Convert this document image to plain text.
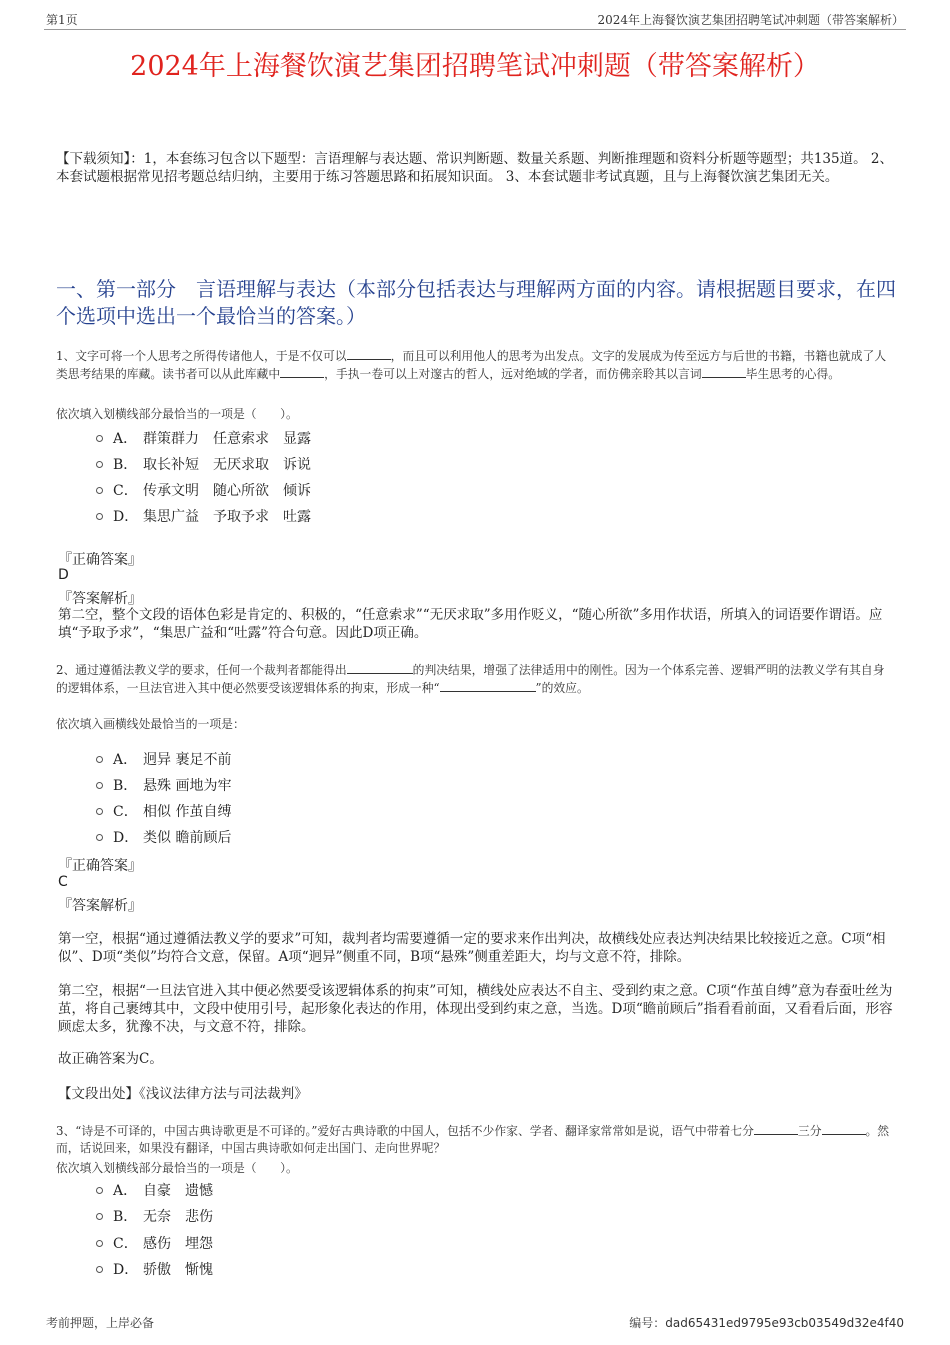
第1页	2024年上海餐饮演艺集团招聘笔试冲刺题（带答案解析）
2024年上海餐饮演艺集团招聘笔试冲刺题（带答案解析）
【下载须知】：1，本套练习包含以下题型：言语理解与表达题、常识判断题、数量关系题、判断推理题和资料分析题等题型；共135道。 2、本套试题根据常见招考题总结归纳，主要用于练习答题思路和拓展知识面。 3、本套试题非考试真题，且与上海餐饮演艺集团无关。
一、第一部分　言语理解与表达（本部分包括表达与理解两方面的内容。请根据题目要求，在四个选项中选出一个最恰当的答案。）
1、文字可将一个人思考之所得传诸他人，于是不仅可以	，而且可以利用他人的思考为出发点。文字的发展成为传至远方与后世的书籍，书籍也就成了人类思考结果的库藏。读书者可以从此库藏中	，手执一卷可以上对邃古的哲人，远对绝域的学者，而仿佛亲聆其以言词	毕生思考的心得。
依次填入划横线部分最恰当的一项是（　　）。
A． 群策群力　任意索求　显露
B． 取长补短　无厌求取　诉说
C． 传承文明　随心所欲　倾诉
D． 集思广益　予取予求　吐露
『正确答案』
D
『答案解析』
第二空，整个文段的语体色彩是肯定的、积极的，“任意索求”“无厌求取”多用作贬义，“随心所欲”多用作状语，所填入的词语要作谓语。应填“予取予求”，“集思广益和“吐露”符合句意。因此D项正确。
2、通过遵循法教义学的要求，任何一个裁判者都能得出	的判决结果，增强了法律适用中的刚性。因为一个体系完善、逻辑严明的法教义学有其自身的逻辑体系，一旦法官进入其中便必然要受该逻辑体系的拘束，形成一种“	”的效应。
依次填入画横线处最恰当的一项是：
A． 迥异 裹足不前
B． 悬殊 画地为牢
C． 相似 作茧自缚
D． 类似 瞻前顾后
『正确答案』
C
『答案解析』
第一空，根据“通过遵循法教义学的要求”可知，裁判者均需要遵循一定的要求来作出判决，故横线处应表达判决结果比较接近之意。C项“相似”、D项“类似”均符合文意，保留。A项“迥异”侧重不同，B项“悬殊”侧重差距大，均与文意不符，排除。
第二空，根据“一旦法官进入其中便必然要受该逻辑体系的拘束”可知，横线处应表达不自主、受到约束之意。C项“作茧自缚”意为春蚕吐丝为茧，将自己裹缚其中，文段中使用引号，起形象化表达的作用，体现出受到约束之意，当选。D项“瞻前顾后”指看看前面，又看看后面，形容顾虑太多，犹豫不决，与文意不符，排除。
故正确答案为C。
【文段出处】《浅议法律方法与司法裁判》
3、“诗是不可译的，中国古典诗歌更是不可译的。”爱好古典诗歌的中国人，包括不少作家、学者、翻译家常常如是说，语气中带着七分	三分	。然而，话说回来，如果没有翻译，中国古典诗歌如何走出国门、走向世界呢？
依次填入划横线部分最恰当的一项是（　　）。
A． 自豪　遗憾
B． 无奈　悲伤
C． 感伤　埋怨
D． 骄傲　惭愧
考前押题，上岸必备	编号：dad65431ed9795e93cb03549d32e4f40
